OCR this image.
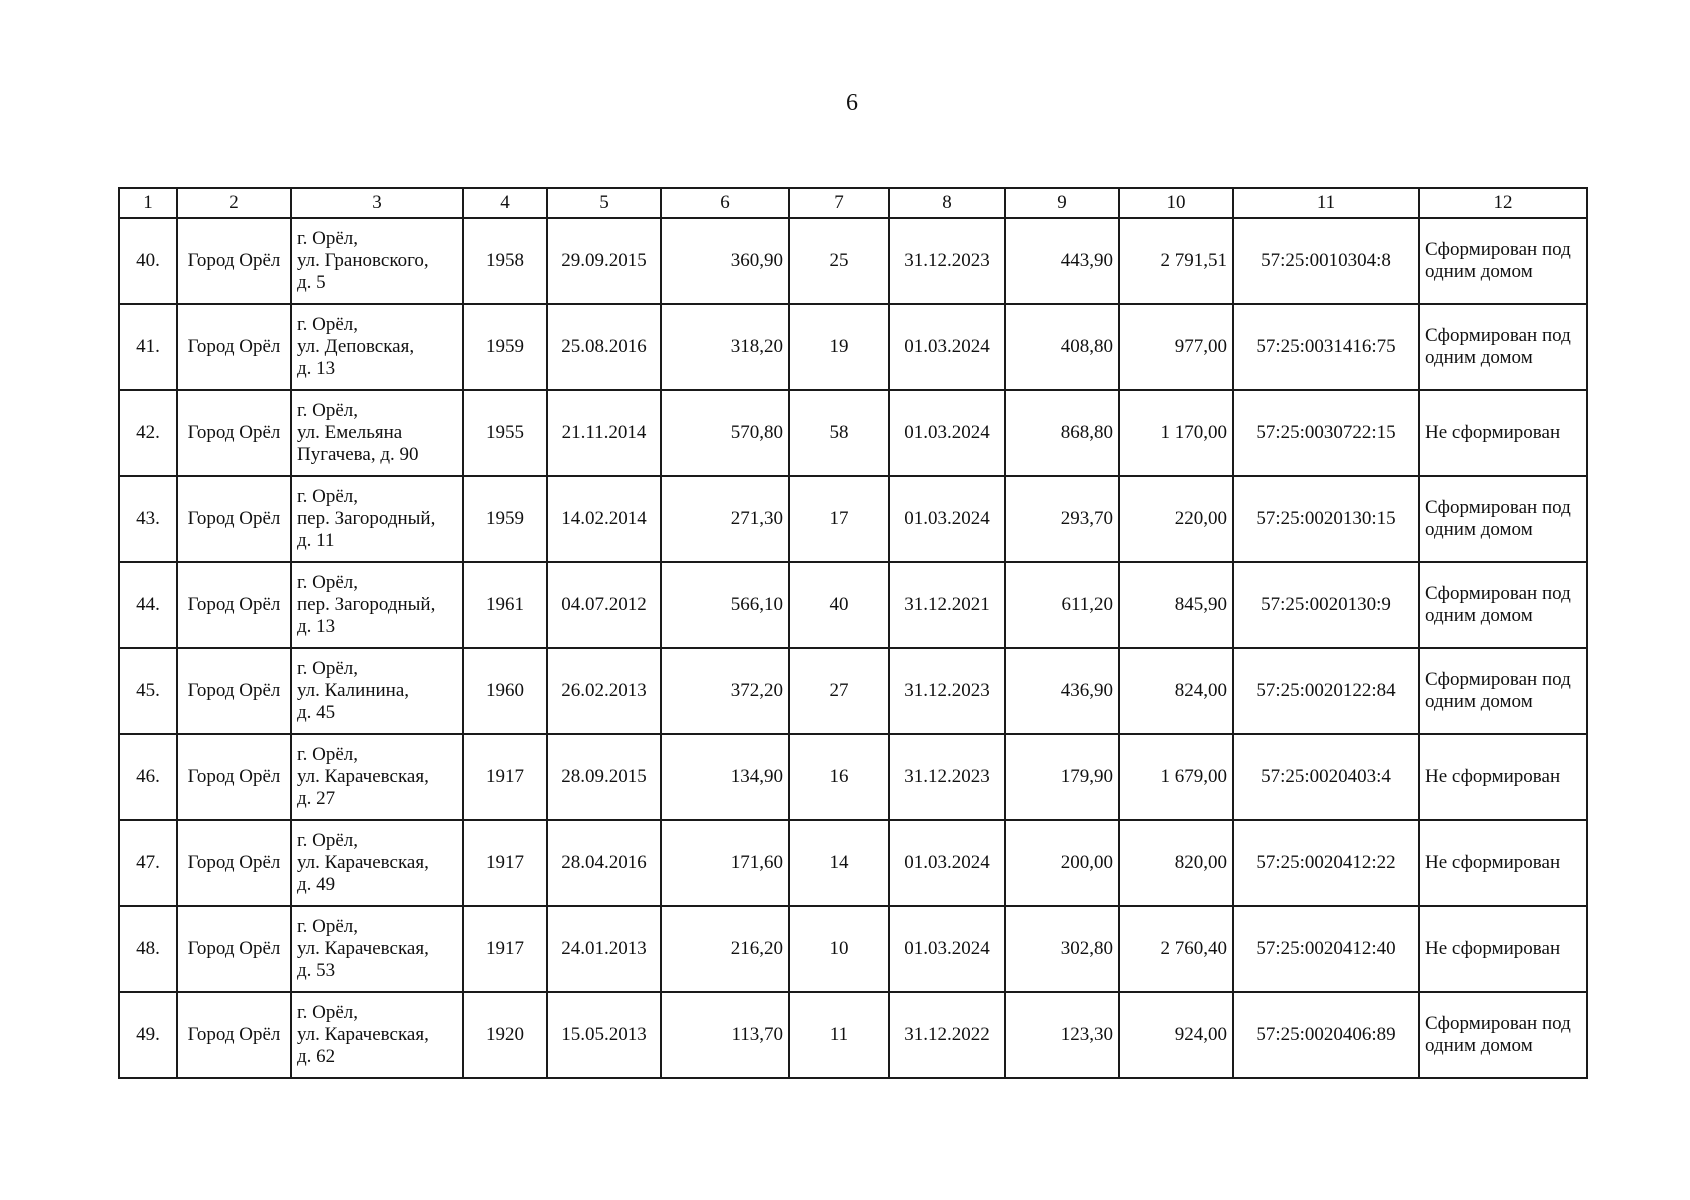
6
1	2	3	4	5	6	7	8	9	10	11	12
40.	Город Орёл	г. Орёл,
ул. Грановского,
д. 5	1958	29.09.2015	360,90	25	31.12.2023	443,90	2 791,51	57:25:0010304:8	Сформирован под одним домом
41.	Город Орёл	г. Орёл,
ул. Деповская,
д. 13	1959	25.08.2016	318,20	19	01.03.2024	408,80	977,00	57:25:0031416:75	Сформирован под одним домом
42.	Город Орёл	г. Орёл,
ул. Емельяна
Пугачева, д. 90	1955	21.11.2014	570,80	58	01.03.2024	868,80	1 170,00	57:25:0030722:15	Не сформирован
43.	Город Орёл	г. Орёл,
пер. Загородный,
д. 11	1959	14.02.2014	271,30	17	01.03.2024	293,70	220,00	57:25:0020130:15	Сформирован под одним домом
44.	Город Орёл	г. Орёл,
пер. Загородный,
д. 13	1961	04.07.2012	566,10	40	31.12.2021	611,20	845,90	57:25:0020130:9	Сформирован под одним домом
45.	Город Орёл	г. Орёл,
ул. Калинина,
д. 45	1960	26.02.2013	372,20	27	31.12.2023	436,90	824,00	57:25:0020122:84	Сформирован под одним домом
46.	Город Орёл	г. Орёл,
ул. Карачевская,
д. 27	1917	28.09.2015	134,90	16	31.12.2023	179,90	1 679,00	57:25:0020403:4	Не сформирован
47.	Город Орёл	г. Орёл,
ул. Карачевская,
д. 49	1917	28.04.2016	171,60	14	01.03.2024	200,00	820,00	57:25:0020412:22	Не сформирован
48.	Город Орёл	г. Орёл,
ул. Карачевская,
д. 53	1917	24.01.2013	216,20	10	01.03.2024	302,80	2 760,40	57:25:0020412:40	Не сформирован
49.	Город Орёл	г. Орёл,
ул. Карачевская,
д. 62	1920	15.05.2013	113,70	11	31.12.2022	123,30	924,00	57:25:0020406:89	Сформирован под одним домом
